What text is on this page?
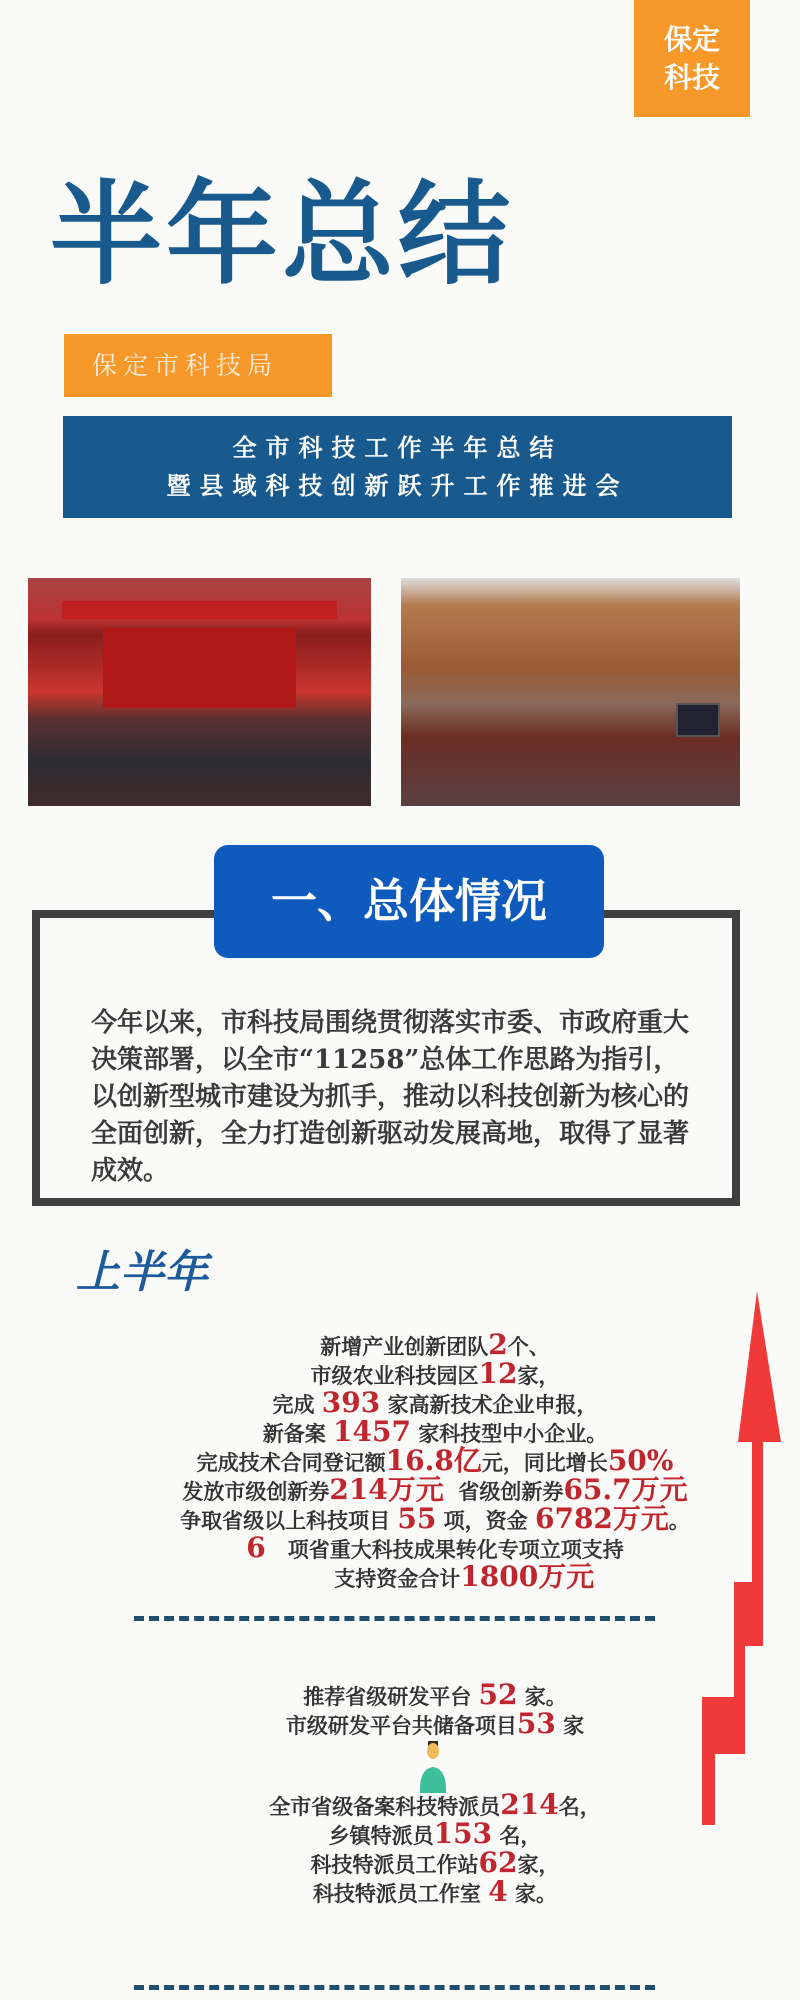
保定
科技
半年总结
保定市科技局
全市科技工作半年总结
暨县域科技创新跃升工作推进会
一、总体情况
今年以来，市科技局围绕贯彻落实市委、市政府重大决策部署，以全市“11258”总体工作思路为指引，以创新型城市建设为抓手，推动以科技创新为核心的全面创新，全力打造创新驱动发展高地，取得了显著成效。
上半年
新增产业创新团队2个、
市级农业科技园区12家，
完成 393 家高新技术企业申报，
新备案 1457 家科技型中小企业。
完成技术合同登记额16.8亿元，同比增长50%
发放市级创新券214万元  省级创新券65.7万元
争取省级以上科技项目 55 项，资金 6782万元。
6   项省重大科技成果转化专项立项支持
支持资金合计1800万元
推荐省级研发平台 52 家。
市级研发平台共储备项目53 家
全市省级备案科技特派员214名，
乡镇特派员153 名，
科技特派员工作站62家，
科技特派员工作室 4 家。
